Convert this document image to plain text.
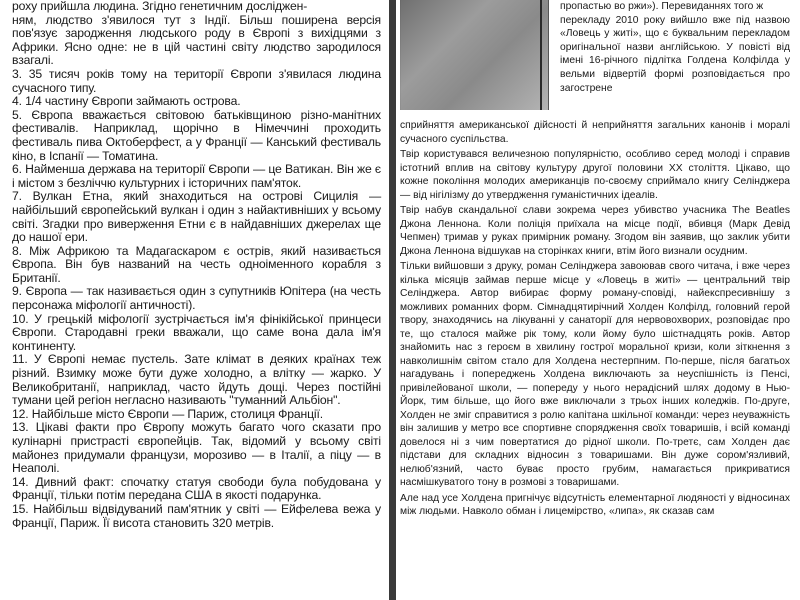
роху прийшла людина. Згідно генетичним досліджен-

ням, людство з'явилося тут з Індії. Більш поширена версія пов'язує зародження людського роду в Європі з вихідцями з Африки. Ясно одне: не в цій частині світу людство зародилося взагалі.

3. 35 тисяч років тому на території Європи з'явилася людина сучасного типу.

4. 1/4 частину Європи займають острова.

5. Європа вважається світовою батьківщиною різно-манітних фестивалів. Наприклад, щорічно в Німеччині проходить фестиваль пива Октоберфест, а у Франції — Канський фестиваль кіно, в Іспанії — Томатина.

6. Найменша держава на території Європи — це Ватикан. Він же є і містом з безліччю культурних і історичних пам'яток.

7. Вулкан Етна, який знаходиться на острові Сицилія — найбільший європейський вулкан і один з найактивніших у всьому світі. Згадки про виверження Етни є в найдавніших джерелах ще до нашої ери.

8. Між Африкою та Мадагаскаром є острів, який називається Європа. Він був названий на честь одноіменного корабля з Британії.

9. Європа — так називається один з супутників Юпітера (на честь персонажа міфології античності).

10. У грецькій міфології зустрічається ім'я фінікійської принцеси Європи. Стародавні греки вважали, що саме вона дала ім'я континенту.

11. У Європі немає пустель. Зате клімат в деяких країнах теж різний. Взимку може бути дуже холодно, а влітку — жарко. У Великобританії, наприклад, часто йдуть дощі. Через постійні тумани цей регіон негласно називають "туманний Альбіон".

12. Найбільше місто Європи — Париж, столиця Франції.

13. Цікаві факти про Європу можуть багато чого сказати про кулінарні пристрасті європейців. Так, відомий у всьому світі майонез придумали французи, морозиво — в Італії, а піцу — в Неаполі.

14. Дивний факт: спочатку статуя свободи була побудована у Франції, тільки потім передана США в якості подарунка.

15. Найбільш відвідуваний пам'ятник у світі — Ейфелева вежа у Франції, Париж. Її висота становить 320 метрів.

пропастью во ржи»). Перевиданнях того ж
перекладу 2010 року вийшло вже під назвою «Ловець у житі», що є буквальним перекладом оригінальної назви англійською. У повісті від імені 16-річного підлітка Голдена Колфілда у вельми відвертій формі розповідається про загострене

сприйняття американської дійсності й неприйняття загальних канонів і моралі сучасного суспільства.

Твір користувався величезною популярністю, особливо серед молоді і справив істотний вплив на світову культуру другої половини XX століття. Цікаво, що кожне покоління молодих американців по-своєму сприймало книгу Селінджера — від нігілізму до утвердження гуманістичних ідеалів.

Твір набув скандальної слави зокрема через убивство учасника The Beatles Джона Леннона. Коли поліція приїхала на місце події, вбивця (Марк Девід Чепмен) тримав у руках примірник роману. Згодом він заявив, що заклик убити Джона Леннона відшукав на сторінках книги, втім його визнали осудним.

Тільки вийшовши з друку, роман Селінджера завоював свого читача, і вже через кілька місяців займав перше місце у «Ловець в житі» — центральний твір Селінджера. Автор вибирає форму роману-сповіді, найекспресивнішу з можливих романних форм. Сімнадцятирічний Холден Колфілд, головний герой твору, знаходячись на лікуванні у санаторії для нервовохворих, розповідає про те, що сталося майже рік тому, коли йому було шістнадцять років. Автор знайомить нас з героєм в хвилину гострої моральної кризи, коли зіткнення з навколишнім світом стало для Холдена нестерпним. По-перше, після багатьох нагадувань і попереджень Холдена виключають за неуспішність із Пенсі, привілейованої школи, — попереду у нього нерадісний шлях додому в Нью-Йорк, тим більше, що його вже виключали з трьох інших коледжів. По-друге, Холден не зміг справитися з ролю капітана шкільної команди: через неуважність він залишив у метро все спортивне спорядження своїх товаришів, і всій команді довелося ні з чим повертатися до рідної школи. По-третє, сам Холден дає підстави для складних відносин з товаришами. Він дуже сором'язливий, нелюб'язний, часто буває просто грубим, намагається прикриватися насмішкуватого тону в розмові з товаришами.

Але над усе Холдена пригнічує відсутність елементарної людяності у відносинах між людьми. Навколо обман і лицемірство, «липа», як сказав сам
